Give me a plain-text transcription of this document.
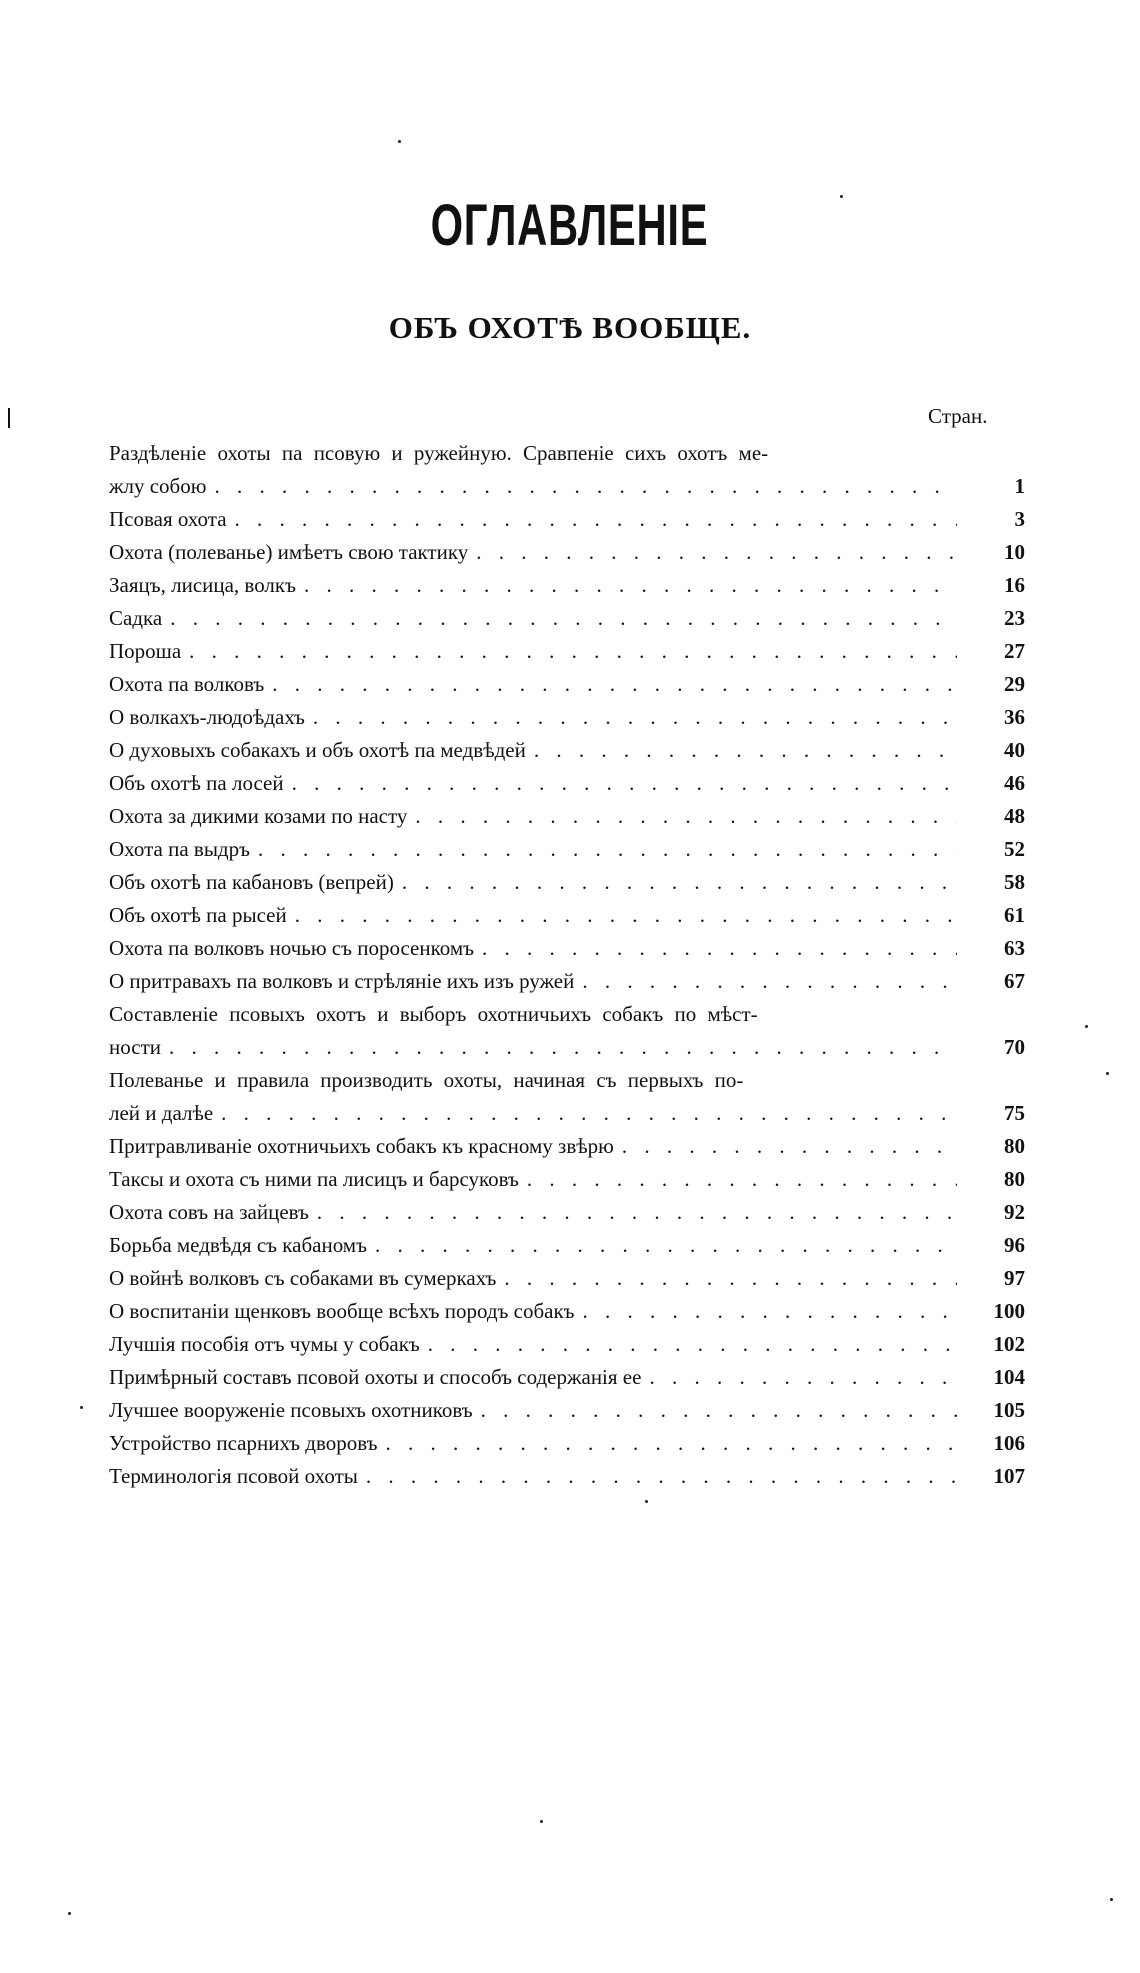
ОГЛАВЛЕНІЕ
ОБЪ ОХОТѢ ВООБЩЕ.
Стран.
Раздѣленіе охоты па псовую и ружейную. Сравпеніе сихъ охотъ ме-
жлу собою . . .	1
Псовая охота . . .	3
Охота (полеванье) имѣетъ свою тактику . . .	10
Заяцъ, лисица, волкъ . . .	16
Садка . . .	23
Пороша . . .	27
Охота па волковъ . . .	29
О волкахъ-людоѣдахъ . . .	36
О духовыхъ собакахъ и объ охотѣ па медвѣдей . . .	40
Объ охотѣ па лосей . . .	46
Охота за дикими козами по насту . . .	48
Охота па выдръ . . .	52
Объ охотѣ па кабановъ (вепрей) . . .	58
Объ охотѣ па рысей . . .	61
Охота па волковъ ночью съ поросенкомъ . . .	63
О притравахъ па волковъ и стрѣляніе ихъ изъ ружей . . .	67
Составленіе псовыхъ охотъ и выборъ охотничьихъ собакъ по мѣст-
ности . . .	70
Полеванье и правила производить охоты, начиная съ первыхъ по-
лей и далѣе . . .	75
Притравливаніе охотничьихъ собакъ къ красному звѣрю . . .	80
Таксы и охота съ ними па лисицъ и барсуковъ . . .	80
Охота совъ на зайцевъ . . .	92
Борьба медвѣдя съ кабаномъ . . .	96
О войнѣ волковъ съ собаками въ сумеркахъ . . .	97
О воспитаніи щенковъ вообще всѣхъ породъ собакъ . . .	100
Лучшія пособія отъ чумы у собакъ . . .	102
Примѣрный составъ псовой охоты и способъ содержанія ее . . .	104
Лучшее вооруженіе псовыхъ охотниковъ . . .	105
Устройство псарнихъ дворовъ . . .	106
Терминологія псовой охоты . . .	107
